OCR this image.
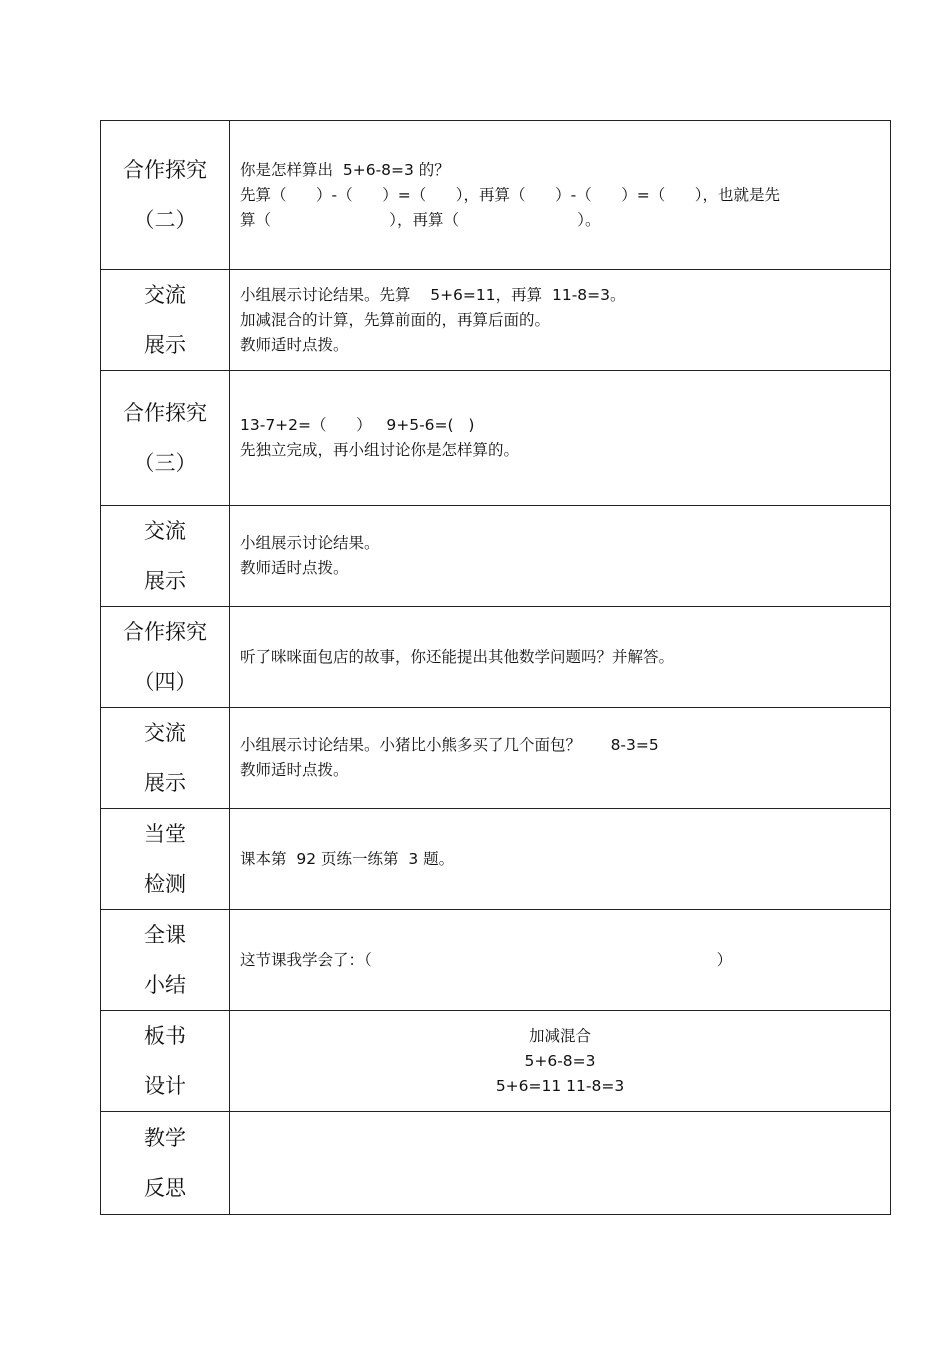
合作探究
（二）	你是怎样算出  5+6-8=3 的？
先算（      ）-（      ）=（      ），再算（      ）-（      ）=（      ），也就是先
算（                        ），再算（                        ）。

交流
展示	小组展示讨论结果。先算    5+6=11，再算  11-8=3。
加减混合的计算，先算前面的，再算后面的。
教师适时点拨。

合作探究
（三）	13-7+2=（      ）   9+5-6=(   )
先独立完成，再小组讨论你是怎样算的。

交流
展示	小组展示讨论结果。
教师适时点拨。

合作探究
（四）	听了咪咪面包店的故事，你还能提出其他数学问题吗？并解答。

交流
展示	小组展示讨论结果。小猪比小熊多买了几个面包？      8-3=5
教师适时点拨。

当堂
检测	课本第  92 页练一练第  3 题。

全课
小结	这节课我学会了：（                                                                      ）

板书
设计	加减混合
5+6-8=3
5+6=11 11-8=3

教学
反思	
